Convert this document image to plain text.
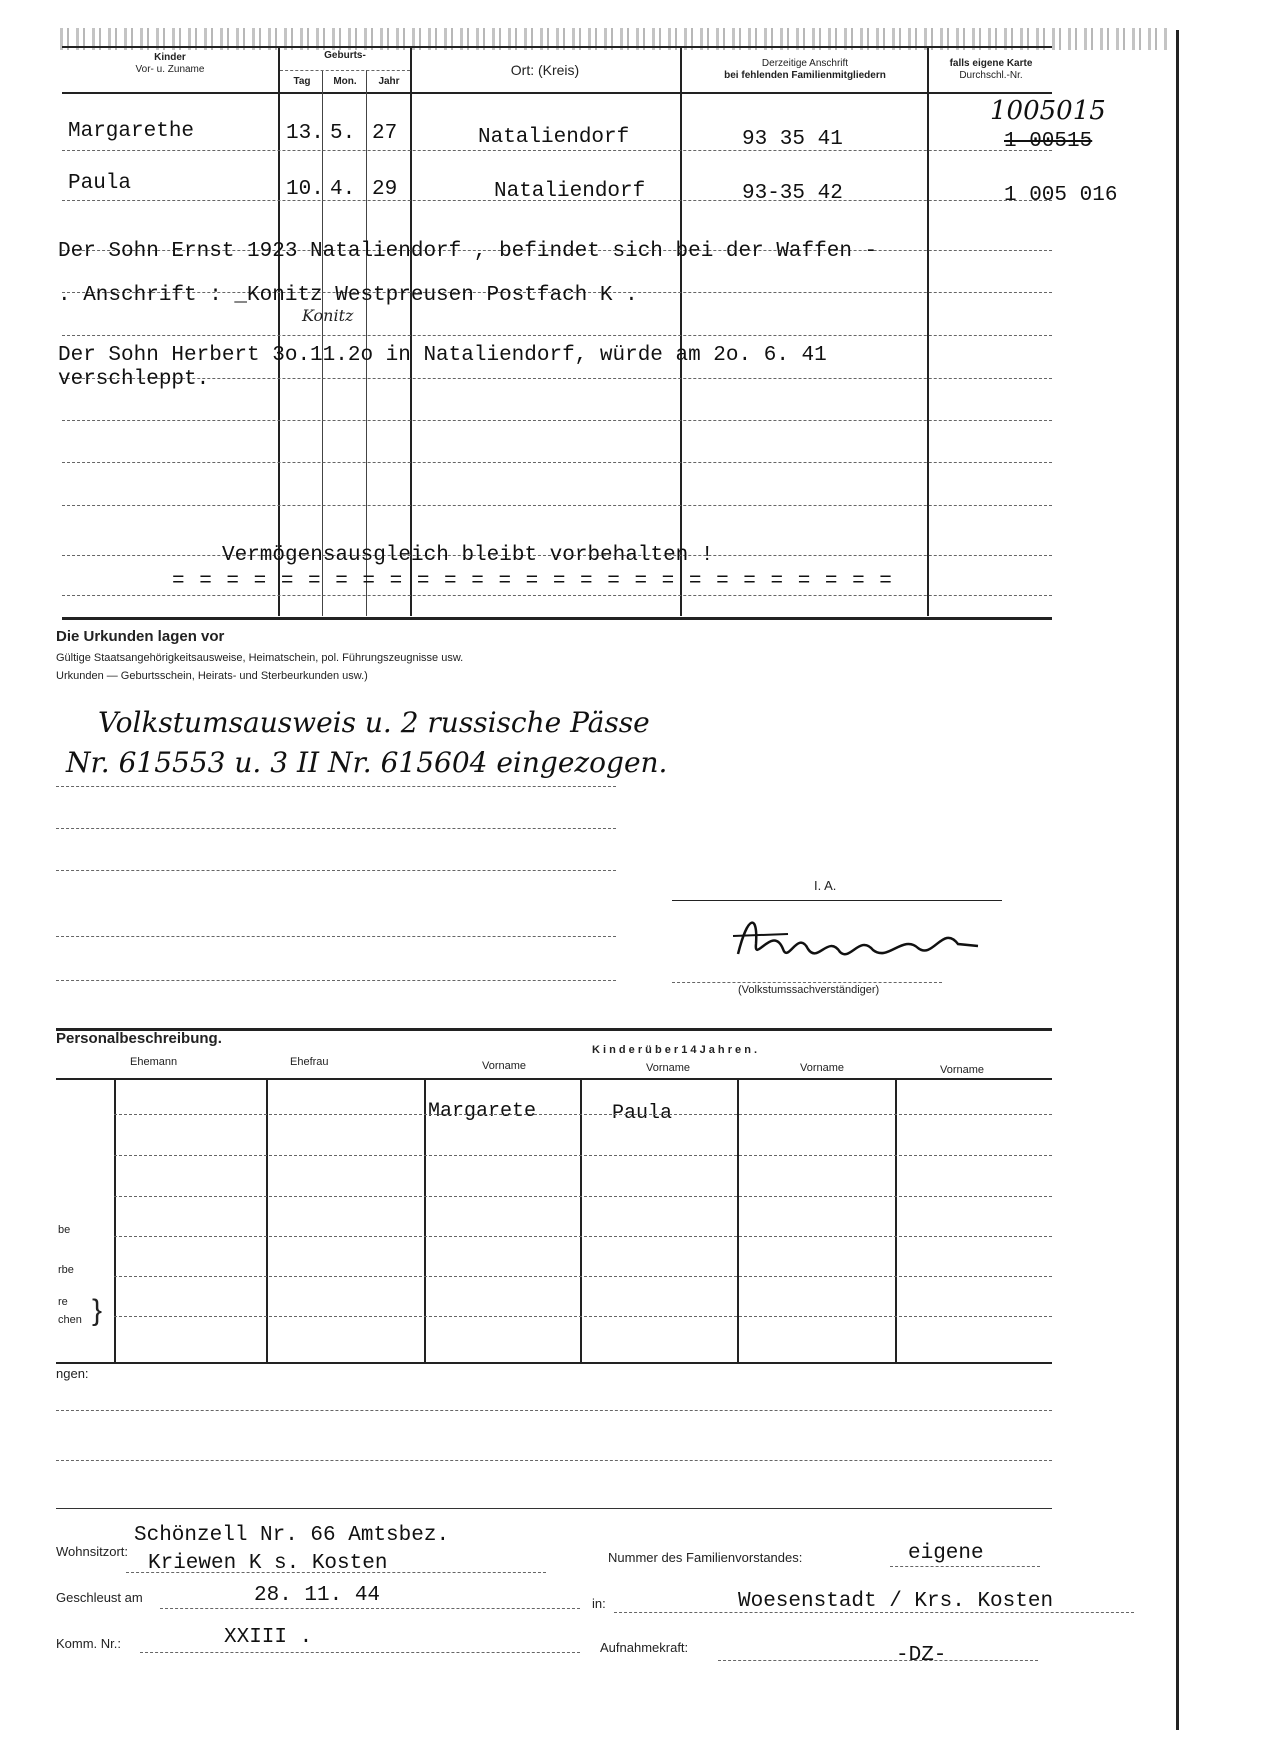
Kinder
Vor- u. Zuname
Geburts-
Tag	Mon.	Jahr
Ort: (Kreis)	Derzeitige Anschrift
bei fehlenden Familienmitgliedern
falls eigene Karte
Durchschl.-Nr.
Margarethe	13. 5. 27	Nataliendorf	93 35 41	1 00515
1005015
Paula	10. 4. 29	Nataliendorf	93-35 42	1 005 016
Der Sohn Ernst 1923 Nataliendorf , befindet sich bei der Waffen -
. Anschrift : _Konitz Westpreusen Postfach K .
Konitz
Der Sohn Herbert 3o.11.2o in Nataliendorf, würde am 2o. 6. 41
verschleppt.
Vermögensausgleich bleibt vorbehalten !
= = = = = = = = = = = = = = = = = = = = = = = = = = =
Die Urkunden lagen vor
Gültige Staatsangehörigkeitsausweise, Heimatschein, pol. Führungszeugnisse usw.
Urkunden — Geburtsschein, Heirats- und Sterbeurkunden usw.)
Volkstumsausweis u. 2 russische Pässe
Nr. 615553 u. 3 II Nr. 615604 eingezogen.
I. A.
(Volkstumssachverständiger)
Personalbeschreibung.
Ehemann	Ehefrau
K i n d e r ü b e r 1 4 J a h r e n .
Vorname	Vorname	Vorname	Vorname
Margarete	Paula
be
rbe
re
chen }
ngen:
Wohnsitzort:
Schönzell Nr. 66 Amtsbez.
Kriewen K s. Kosten
Geschleust am	28. 11. 44
Komm. Nr.:	XXIII .
Nummer des Familienvorstandes:	eigene
in:	Woesenstadt / Krs. Kosten
Aufnahmekraft:	-DZ-
